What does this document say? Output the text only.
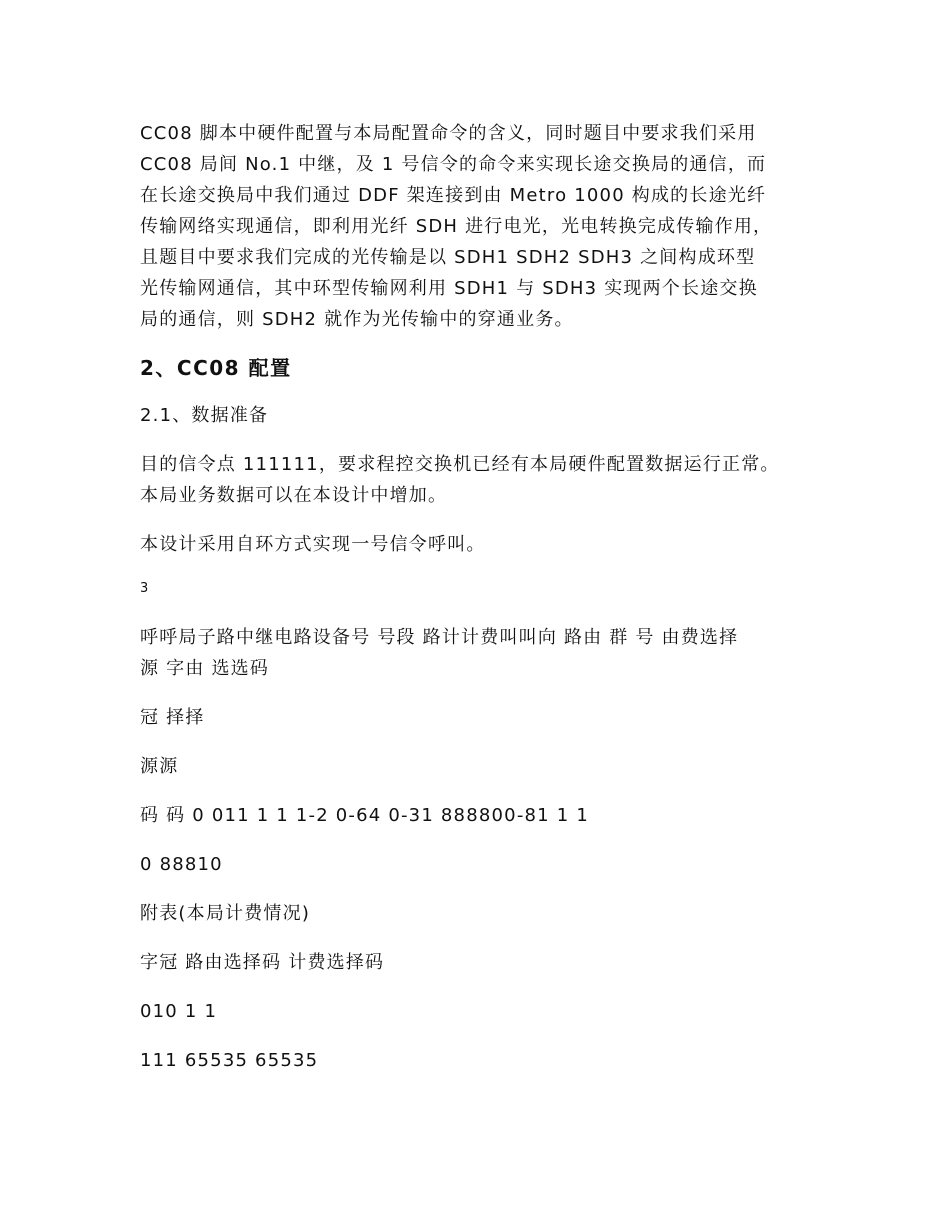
CC08 脚本中硬件配置与本局配置命令的含义，同时题目中要求我们采用

CC08 局间 No.1 中继，及 1 号信令的命令来实现长途交换局的通信，而

在长途交换局中我们通过 DDF 架连接到由 Metro 1000 构成的长途光纤

传输网络实现通信，即利用光纤 SDH 进行电光，光电转换完成传输作用，

且题目中要求我们完成的光传输是以 SDH1 SDH2 SDH3 之间构成环型

光传输网通信，其中环型传输网利用 SDH1 与 SDH3 实现两个长途交换

局的通信，则 SDH2 就作为光传输中的穿通业务。

2、CC08 配置

2.1、数据准备

目的信令点 111111，要求程控交换机已经有本局硬件配置数据运行正常。

本局业务数据可以在本设计中增加。

本设计采用自环方式实现一号信令呼叫。

3

呼呼局子路中继电路设备号 号段 路计计费叫叫向 路由 群 号 由费选择

源 字由 选选码

冠 择择

源源

码 码 0 011 1 1 1-2 0-64 0-31 888800-81 1 1

0 88810

附表(本局计费情况)

字冠 路由选择码 计费选择码

010 1 1

111 65535 65535
